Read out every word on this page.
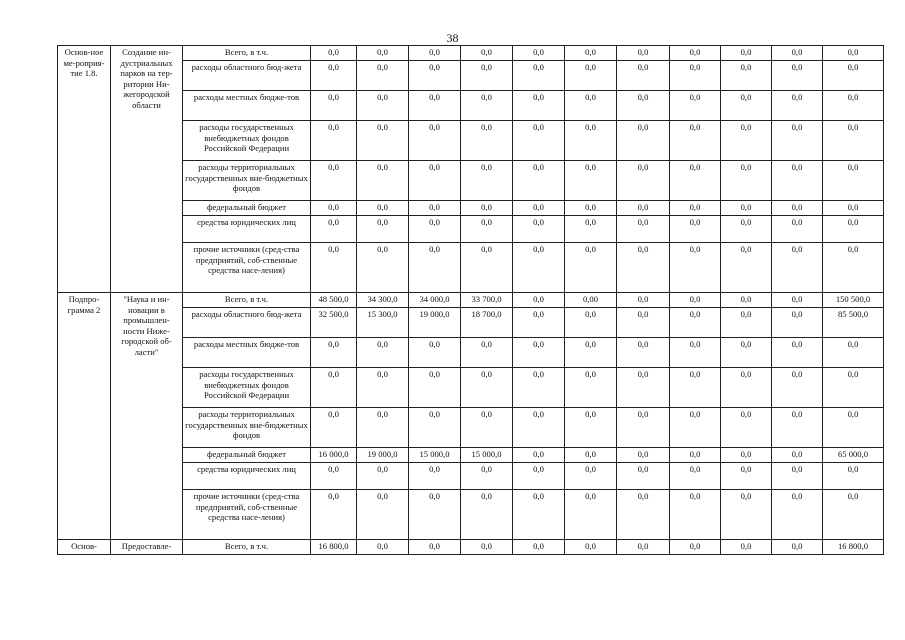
38
Основ-ное ме-роприя-тие 1.8.	Создание ин-дустриальных парков на тер-ритории Ни-жегородской области	Всего, в т.ч.	0,0	0,0	0,0	0,0	0,0	0,0	0,0	0,0	0,0	0,0	0,0
		расходы областного бюд-жета	0,0	0,0	0,0	0,0	0,0	0,0	0,0	0,0	0,0	0,0	0,0
		расходы местных бюдже-тов	0,0	0,0	0,0	0,0	0,0	0,0	0,0	0,0	0,0	0,0	0,0
		расходы государственных внебюджетных фондов Российской Федерации	0,0	0,0	0,0	0,0	0,0	0,0	0,0	0,0	0,0	0,0	0,0
		расходы территориальных государственных вне-бюджетных фондов	0,0	0,0	0,0	0,0	0,0	0,0	0,0	0,0	0,0	0,0	0,0
		федеральный бюджет	0,0	0,0	0,0	0,0	0,0	0,0	0,0	0,0	0,0	0,0	0,0
		средства юридических лиц	0,0	0,0	0,0	0,0	0,0	0,0	0,0	0,0	0,0	0,0	0,0
		прочие источники (сред-ства предприятий, соб-ственные средства насе-ления)	0,0	0,0	0,0	0,0	0,0	0,0	0,0	0,0	0,0	0,0	0,0
Подпро-грамма 2	"Наука и ин-новации в промышлен-ности Ниже-городской об-ласти"	Всего, в т.ч.	48 500,0	34 300,0	34 000,0	33 700,0	0,0	0,00	0,0	0,0	0,0	0,0	150 500,0
		расходы областного бюд-жета	32 500,0	15 300,0	19 000,0	18 700,0	0,0	0,0	0,0	0,0	0,0	0,0	85 500,0
		расходы местных бюдже-тов	0,0	0,0	0,0	0,0	0,0	0,0	0,0	0,0	0,0	0,0	0,0
		расходы государственных внебюджетных фондов Российской Федерации	0,0	0,0	0,0	0,0	0,0	0,0	0,0	0,0	0,0	0,0	0,0
		расходы территориальных государственных вне-бюджетных фондов	0,0	0,0	0,0	0,0	0,0	0,0	0,0	0,0	0,0	0,0	0,0
		федеральный бюджет	16 000,0	19 000,0	15 000,0	15 000,0	0,0	0,0	0,0	0,0	0,0	0,0	65 000,0
		средства юридических лиц	0,0	0,0	0,0	0,0	0,0	0,0	0,0	0,0	0,0	0,0	0,0
		прочие источники (сред-ства предприятий, соб-ственные средства насе-ления)	0,0	0,0	0,0	0,0	0,0	0,0	0,0	0,0	0,0	0,0	0,0
Основ-	Предоставле-	Всего, в т.ч.	16 800,0	0,0	0,0	0,0	0,0	0,0	0,0	0,0	0,0	0,0	16 800,0
